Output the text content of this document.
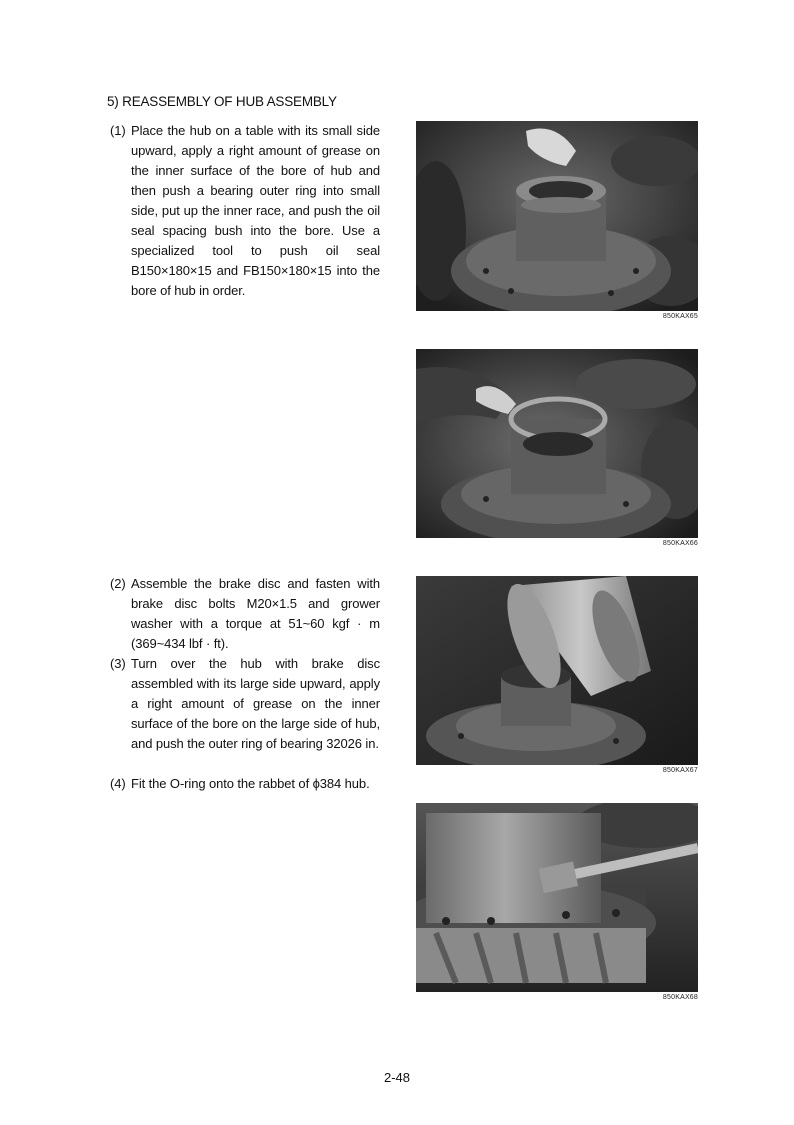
5) REASSEMBLY OF HUB ASSEMBLY
(1) Place the hub on a table with its small side upward, apply a right amount of grease on the inner surface of the bore of hub and then push a bearing outer ring into small side, put up the inner race, and push the oil seal spacing bush into the bore. Use a specialized tool to push oil seal B150×180×15 and FB150×180×15 into the bore of hub in order.
(2) Assemble the brake disc and fasten with brake disc bolts M20×1.5 and grower washer with a torque at 51~60 kgf · m (369~434 lbf · ft).
(3) Turn over the hub with brake disc assembled with its large side upward, apply a right amount of grease on the inner surface of the bore on the large side of hub, and push the outer ring of bearing 32026 in.
(4) Fit the O-ring onto the rabbet of ϕ384 hub.
850KAX65
850KAX66
850KAX67
850KAX68
2-48
